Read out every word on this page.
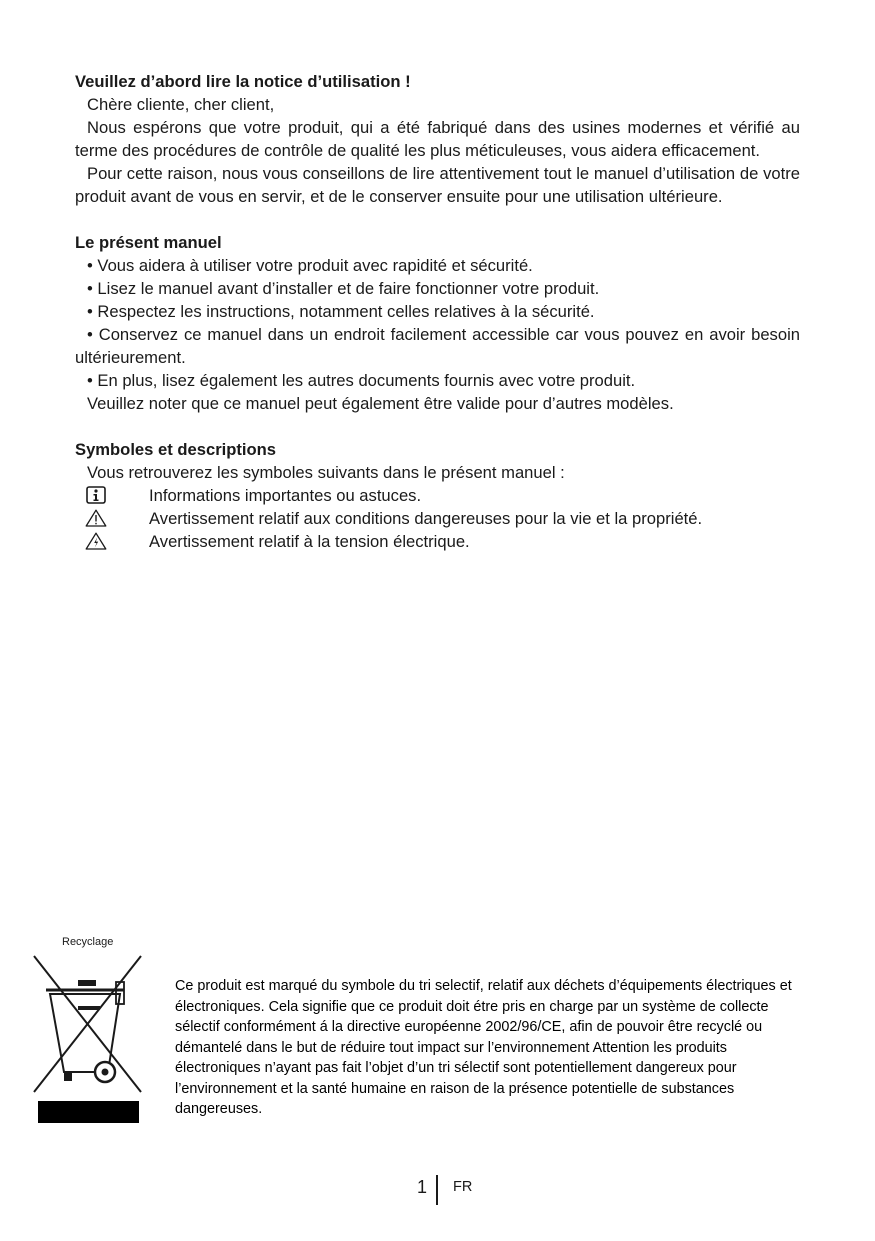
Veuillez d’abord lire la notice d’utilisation !

Chère cliente, cher client,

Nous espérons que votre produit, qui a été fabriqué dans des usines modernes et vérifié au terme des procédures de contrôle de qualité les plus méticuleuses, vous aidera efficacement.

Pour cette raison, nous vous conseillons de lire attentivement tout le manuel d’utilisation de votre produit avant de vous en servir, et de le conserver ensuite pour une utilisation ultérieure.

Le présent manuel

• Vous aidera à utiliser votre produit avec rapidité et sécurité.

• Lisez le manuel avant d’installer et de faire fonctionner votre produit.

• Respectez les instructions, notamment celles relatives à la sécurité.

• Conservez ce manuel dans un endroit facilement accessible car vous pouvez en avoir besoin ultérieurement.

• En plus, lisez également les autres documents fournis avec votre produit.

Veuillez noter que ce manuel peut également être valide pour d’autres modèles.

Symboles et descriptions

Vous retrouverez les symboles suivants dans le présent manuel :

Informations importantes ou astuces.
Avertissement relatif aux conditions dangereuses pour la vie et la propriété.
Avertissement relatif à la tension électrique.
Recyclage
Ce produit est marqué du symbole du tri selectif, relatif aux déchets d’équipements électriques et électroniques. Cela signifie que ce produit doit étre pris en charge par un système de collecte sélectif conformément á la directive européenne 2002/96/CE, afin de pouvoir être recyclé ou démantelé dans le but de réduire tout impact sur l’environnement Attention les produits électroniques n’ayant pas fait l’objet d’un tri sélectif sont potentiellement dangereux pour l’environnement et la santé humaine en raison de la présence potentielle de substances dangereuses.
1 FR
